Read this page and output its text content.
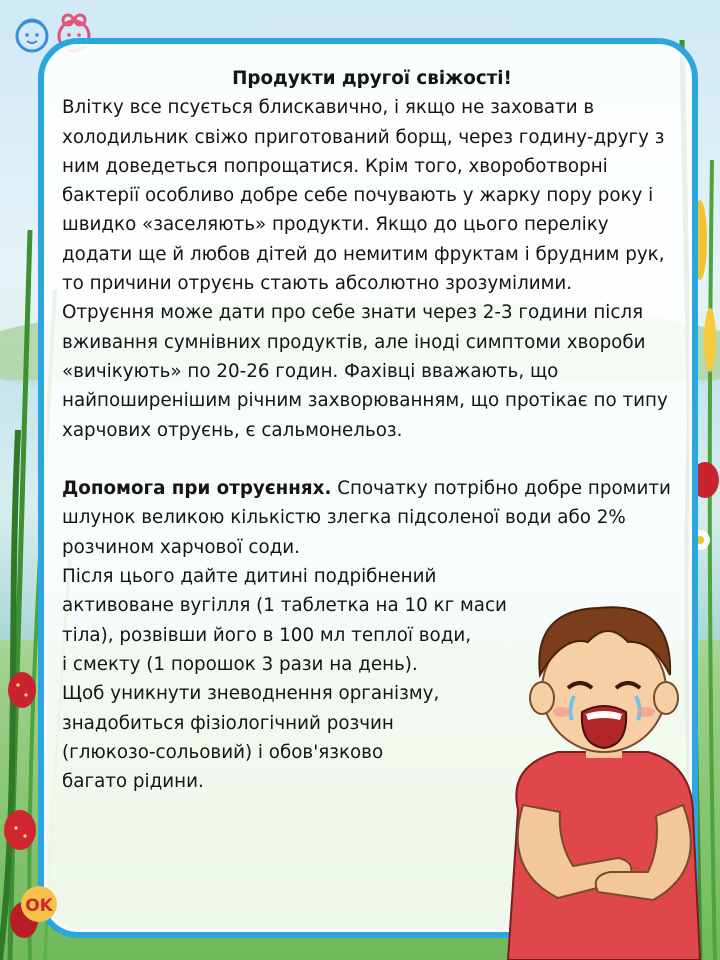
Продукти другої свіжості!

Влітку все псується блискавично, і якщо не заховати в холодильник свіжо приготований борщ, через годину-другу з ним доведеться попрощатися. Крім того, хвороботворні бактерії особливо добре себе почувають у жарку пору року і швидко «заселяють» продукти. Якщо до цього переліку додати ще й любов дітей до немитим фруктам і брудним рук, то причини отруєнь стають абсолютно зрозумілими.

Отруєння може дати про себе знати через 2-3 години після вживання сумнівних продуктів, але іноді симптоми хвороби «вичікують» по 20-26 годин. Фахівці вважають, що найпоширенішим річним захворюванням, що протікає по типу харчових отруєнь, є сальмонельоз.

Допомога при отруєннях. Спочатку потрібно добре промити шлунок великою кількістю злегка підсоленої води або 2% розчином харчової соди.

Після цього дайте дитині подрібнений

активоване вугілля (1 таблетка на 10 кг маси

тіла), розвівши його в 100 мл теплої води,

і смекту (1 порошок 3 рази на день).

Щоб уникнути зневоднення організму,

знадобиться фізіологічний розчин

(глюкозо-сольовий) і обов'язково

багато рідини.

OK
